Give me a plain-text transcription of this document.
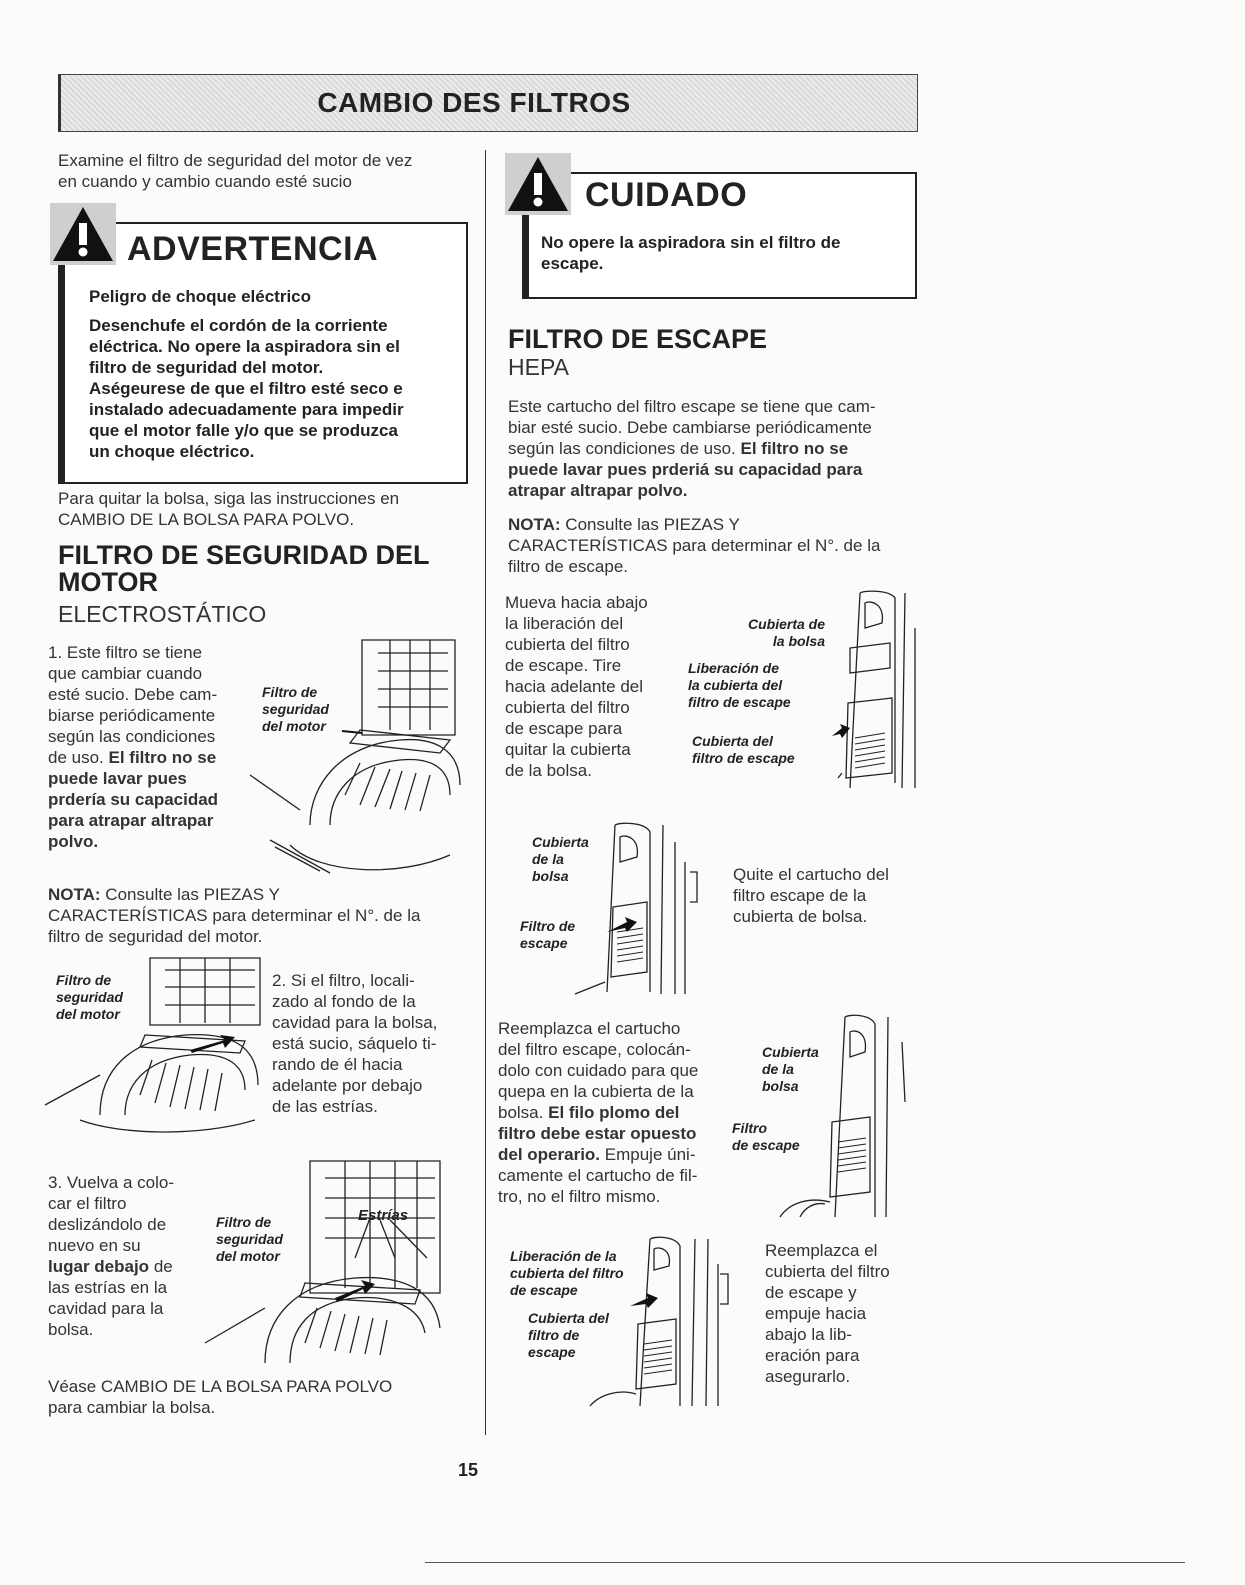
CAMBIO DES FILTROS
Examine el filtro de seguridad del motor de vez
en cuando y cambio cuando esté sucio
ADVERTENCIA
Peligro de choque eléctrico
Desenchufe el cordón de la corriente
eléctrica. No opere la aspiradora sin el
filtro de seguridad del motor.
Aségeurese de que el filtro esté seco e
instalado adecuadamente para impedir
que el motor falle y/o que se produzca
un choque eléctrico.
Para quitar la bolsa, siga las instrucciones en
CAMBIO DE LA BOLSA PARA POLVO.
FILTRO DE SEGURIDAD DEL
MOTOR
ELECTROSTÁTICO
1. Este filtro se tiene
que cambiar cuando
esté sucio. Debe cam-
biarse periódicamente
según las condiciones
de uso. El filtro no se
puede lavar pues
prdería su capacidad
para atrapar altrapar
polvo.
Filtro de
seguridad
del motor
NOTA: Consulte las PIEZAS Y
CARACTERÍSTICAS para determinar el N°. de la
filtro de seguridad del motor.
Filtro de
seguridad
del motor
2. Si el filtro, locali-
zado al fondo de la
cavidad para la bolsa,
está sucio, sáquelo ti-
rando de él hacia
adelante por debajo
de las estrías.
3. Vuelva a colo-
car el filtro
deslizándolo de
nuevo en su
lugar debajo de
las estrías en la
cavidad para la
bolsa.
Filtro de
seguridad
del motor
Estrías
Véase CAMBIO DE LA BOLSA PARA POLVO
para cambiar la bolsa.
CUIDADO
No opere la aspiradora sin el filtro de
escape.
FILTRO DE ESCAPE
HEPA
Este cartucho del filtro escape se tiene que cam-
biar esté sucio. Debe cambiarse periódicamente
según las condiciones de uso. El filtro no se
puede lavar pues prderiá su capacidad para
atrapar altrapar polvo.
NOTA: Consulte las PIEZAS Y
CARACTERÍSTICAS para determinar el N°. de la
filtro de escape.
Mueva hacia abajo
la liberación del
cubierta del filtro
de escape. Tire
hacia adelante del
cubierta del filtro
de escape para
quitar la cubierta
de la bolsa.
Cubierta de
la bolsa
Liberación de
la cubierta del
filtro de escape
Cubierta del
filtro de escape
Cubierta
de la
bolsa
Filtro de
escape
Quite el cartucho del
filtro escape de la
cubierta de bolsa.
Reemplazca el cartucho
del filtro escape, colocán-
dolo con cuidado para que
quepa en la cubierta de la
bolsa. El filo plomo del
filtro debe estar opuesto
del operario. Empuje úni-
camente el cartucho de fil-
tro, no el filtro mismo.
Cubierta
de la
bolsa
Filtro
de escape
Liberación de la
cubierta del filtro
de escape
Cubierta del
filtro de
escape
Reemplazca el
cubierta del filtro
de escape y
empuje hacia
abajo la lib-
eración para
asegurarlo.
15
